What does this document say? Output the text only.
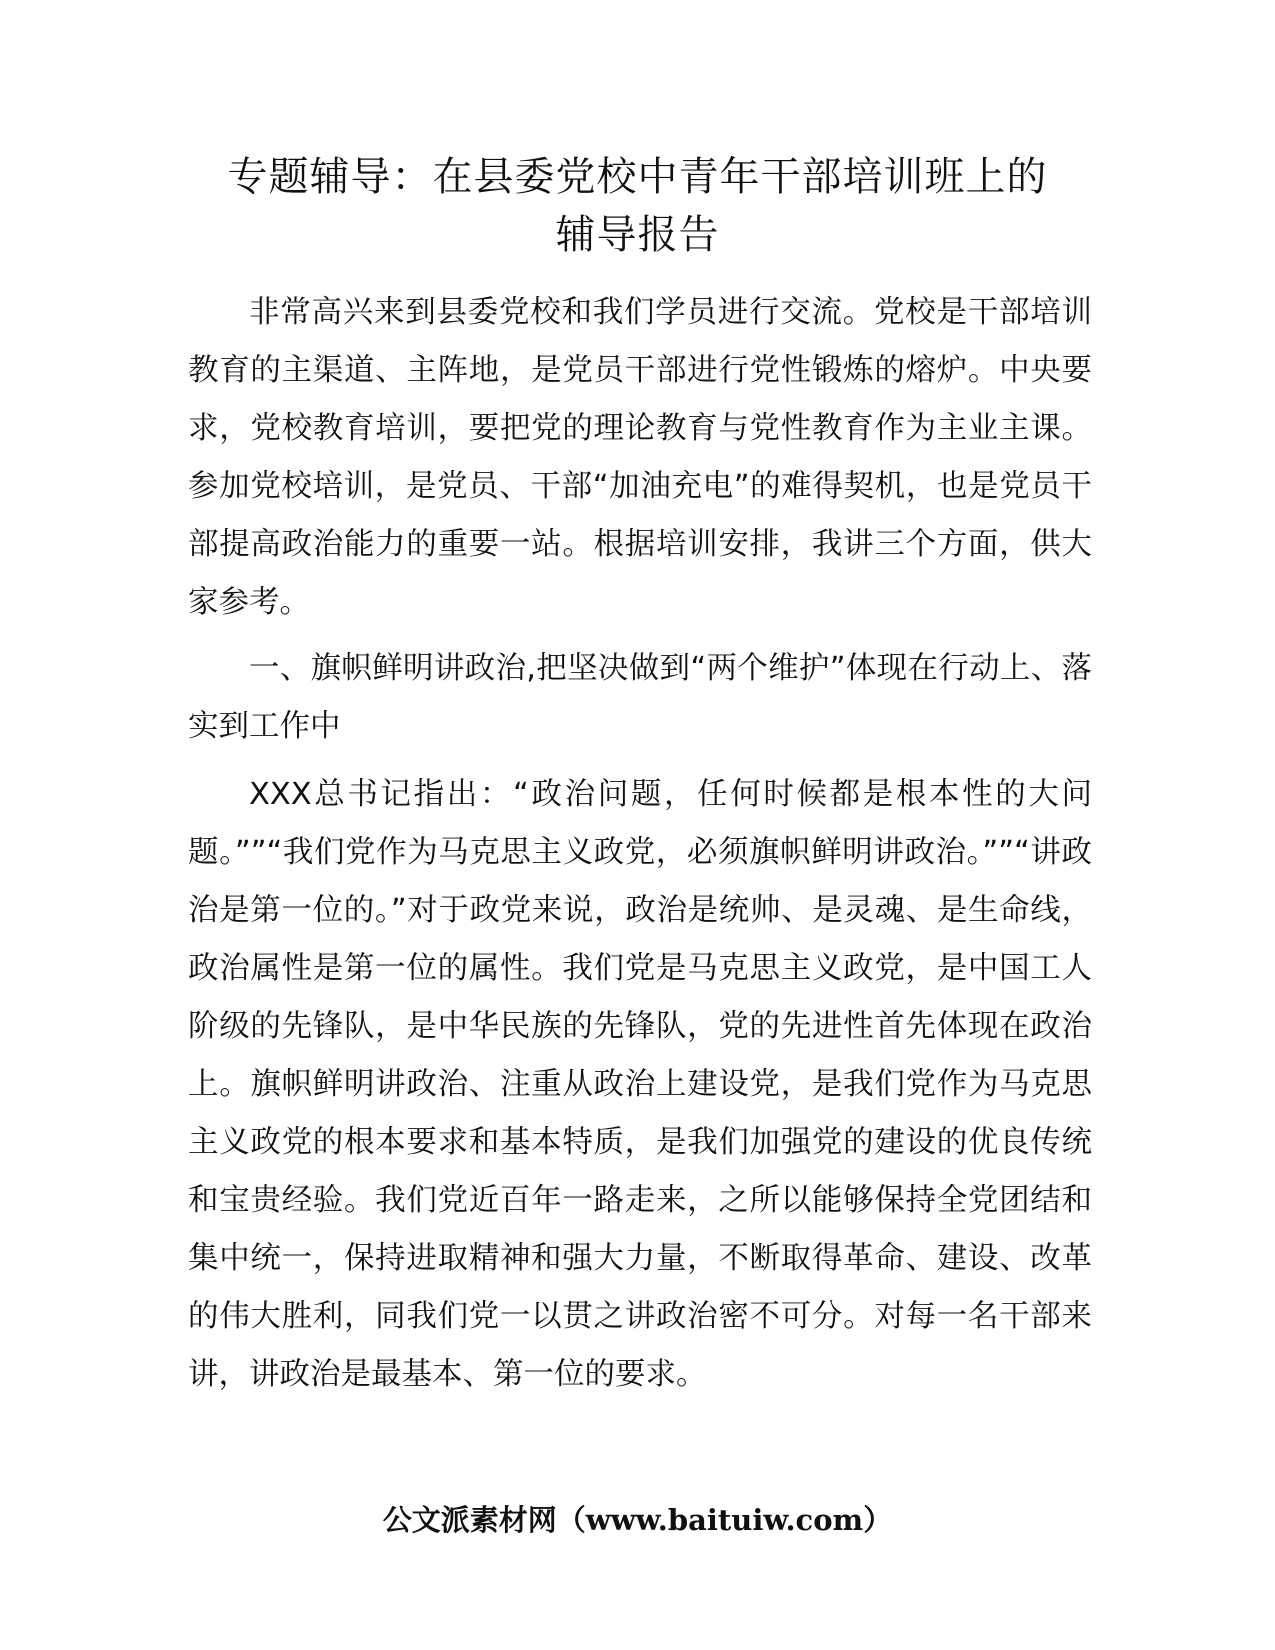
专题辅导：在县委党校中青年干部培训班上的
辅导报告

非常高兴来到县委党校和我们学员进行交流。党校是干部培训教育的主渠道、主阵地，是党员干部进行党性锻炼的熔炉。中央要求，党校教育培训，要把党的理论教育与党性教育作为主业主课。参加党校培训，是党员、干部“加油充电”的难得契机，也是党员干部提高政治能力的重要一站。根据培训安排，我讲三个方面，供大家参考。

一、旗帜鲜明讲政治,把坚决做到“两个维护”体现在行动上、落实到工作中

XXX总书记指出：“政治问题，任何时候都是根本性的大问题。””“我们党作为马克思主义政党，必须旗帜鲜明讲政治。””“讲政治是第一位的。”对于政党来说，政治是统帅、是灵魂、是生命线，政治属性是第一位的属性。我们党是马克思主义政党，是中国工人阶级的先锋队，是中华民族的先锋队，党的先进性首先体现在政治上。旗帜鲜明讲政治、注重从政治上建设党，是我们党作为马克思主义政党的根本要求和基本特质，是我们加强党的建设的优良传统和宝贵经验。我们党近百年一路走来，之所以能够保持全党团结和集中统一，保持进取精神和强大力量，不断取得革命、建设、改革的伟大胜利，同我们党一以贯之讲政治密不可分。对每一名干部来讲，讲政治是最基本、第一位的要求。

公文派素材网（www.baituiw.com）
